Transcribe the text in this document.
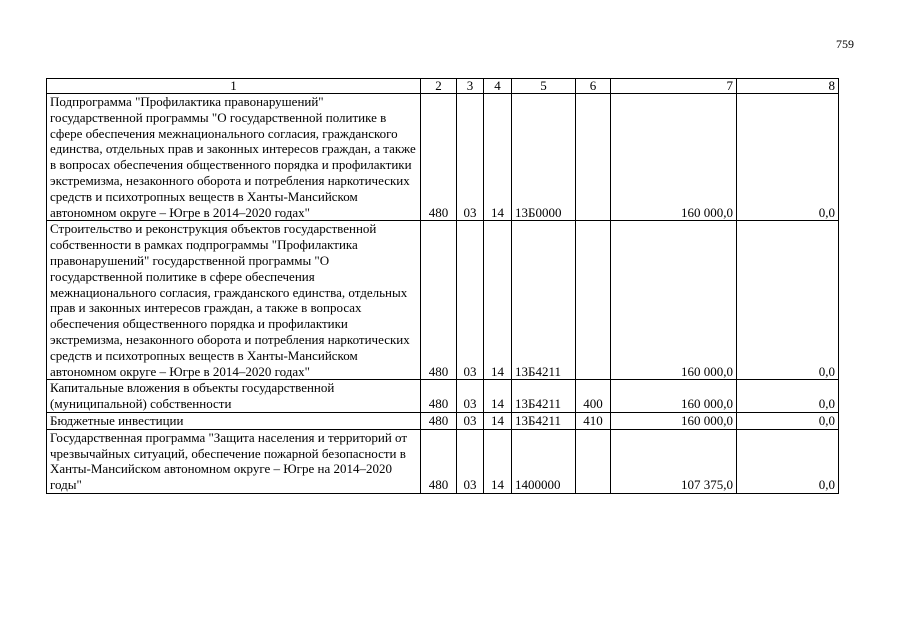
759
1	2	3	4	5	6	7	8
Подпрограмма "Профилактика правонарушений" государственной программы "О государственной политике в сфере обеспечения межнационального согласия, гражданского единства, отдельных прав и законных интересов граждан, а также в вопросах обеспечения общественного порядка и профилактики экстремизма, незаконного оборота и потребления наркотических средств и психотропных веществ в Ханты-Мансийском автономном округе – Югре в 2014–2020 годах"	480	03	14	13Б0000		160 000,0	0,0
Строительство и реконструкция объектов государственной собственности в рамках подпрограммы "Профилактика правонарушений" государственной программы "О государственной политике в сфере обеспечения межнационального согласия, гражданского единства, отдельных прав и законных интересов граждан, а также в вопросах обеспечения общественного порядка и профилактики экстремизма, незаконного оборота и потребления наркотических средств и психотропных веществ в Ханты-Мансийском автономном округе – Югре в 2014–2020 годах"	480	03	14	13Б4211		160 000,0	0,0
Капитальные вложения в объекты государственной (муниципальной) собственности	480	03	14	13Б4211	400	160 000,0	0,0
Бюджетные инвестиции	480	03	14	13Б4211	410	160 000,0	0,0
Государственная программа "Защита населения и территорий от чрезвычайных ситуаций, обеспечение пожарной безопасности в Ханты-Мансийском автономном округе – Югре на 2014–2020 годы"	480	03	14	1400000		107 375,0	0,0
